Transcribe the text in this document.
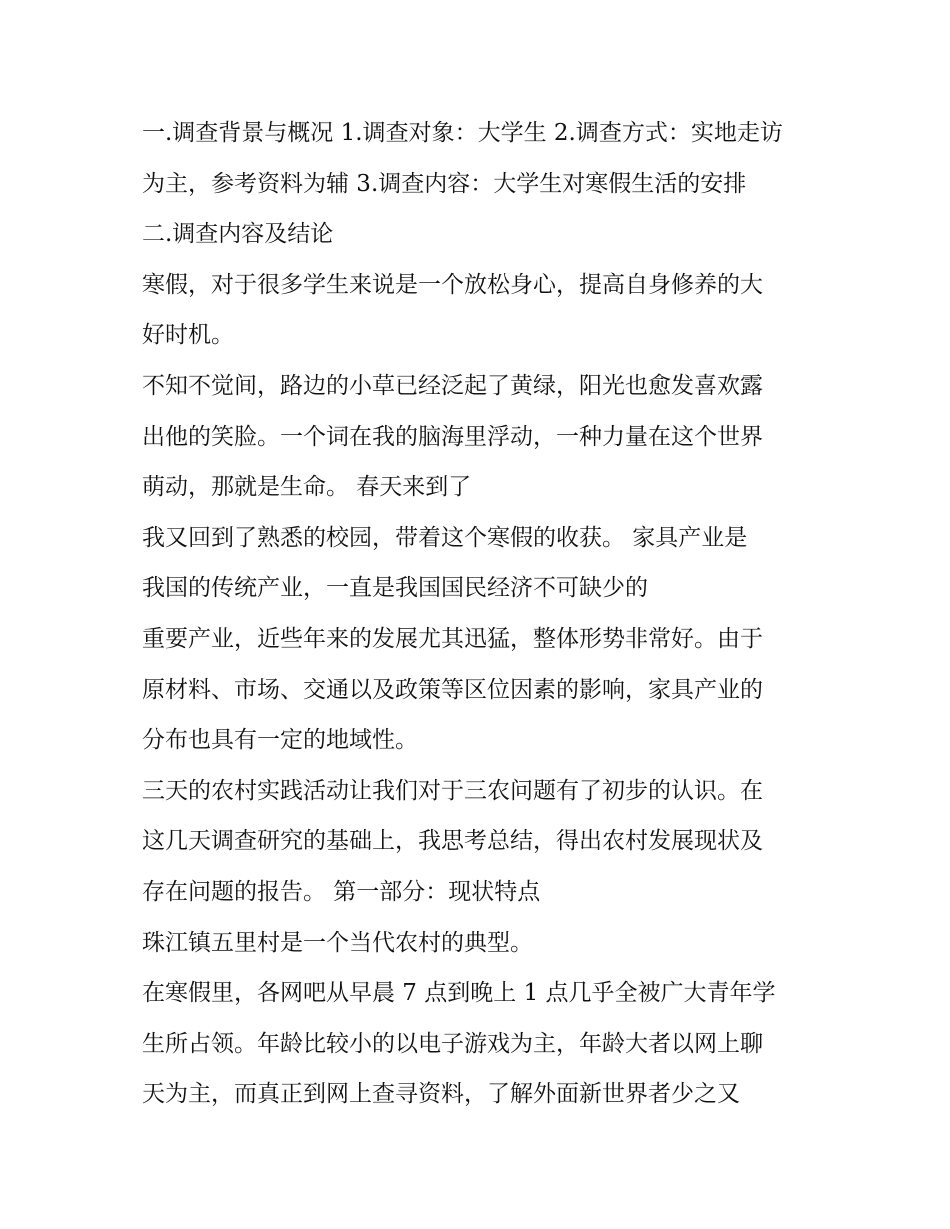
一.调查背景与概况 1.调查对象：大学生 2.调查方式：实地走访
为主，参考资料为辅 3.调查内容：大学生对寒假生活的安排
二.调查内容及结论
寒假，对于很多学生来说是一个放松身心，提高自身修养的大
好时机。
不知不觉间，路边的小草已经泛起了黄绿，阳光也愈发喜欢露
出他的笑脸。一个词在我的脑海里浮动，一种力量在这个世界
萌动，那就是生命。 春天来到了
我又回到了熟悉的校园，带着这个寒假的收获。 家具产业是
我国的传统产业，一直是我国国民经济不可缺少的
重要产业，近些年来的发展尤其迅猛，整体形势非常好。由于
原材料、市场、交通以及政策等区位因素的影响，家具产业的
分布也具有一定的地域性。
三天的农村实践活动让我们对于三农问题有了初步的认识。在
这几天调查研究的基础上，我思考总结，得出农村发展现状及
存在问题的报告。 第一部分：现状特点
珠江镇五里村是一个当代农村的典型。
在寒假里，各网吧从早晨 7 点到晚上 1 点几乎全被广大青年学
生所占领。年龄比较小的以电子游戏为主，年龄大者以网上聊
天为主，而真正到网上查寻资料，了解外面新世界者少之又
